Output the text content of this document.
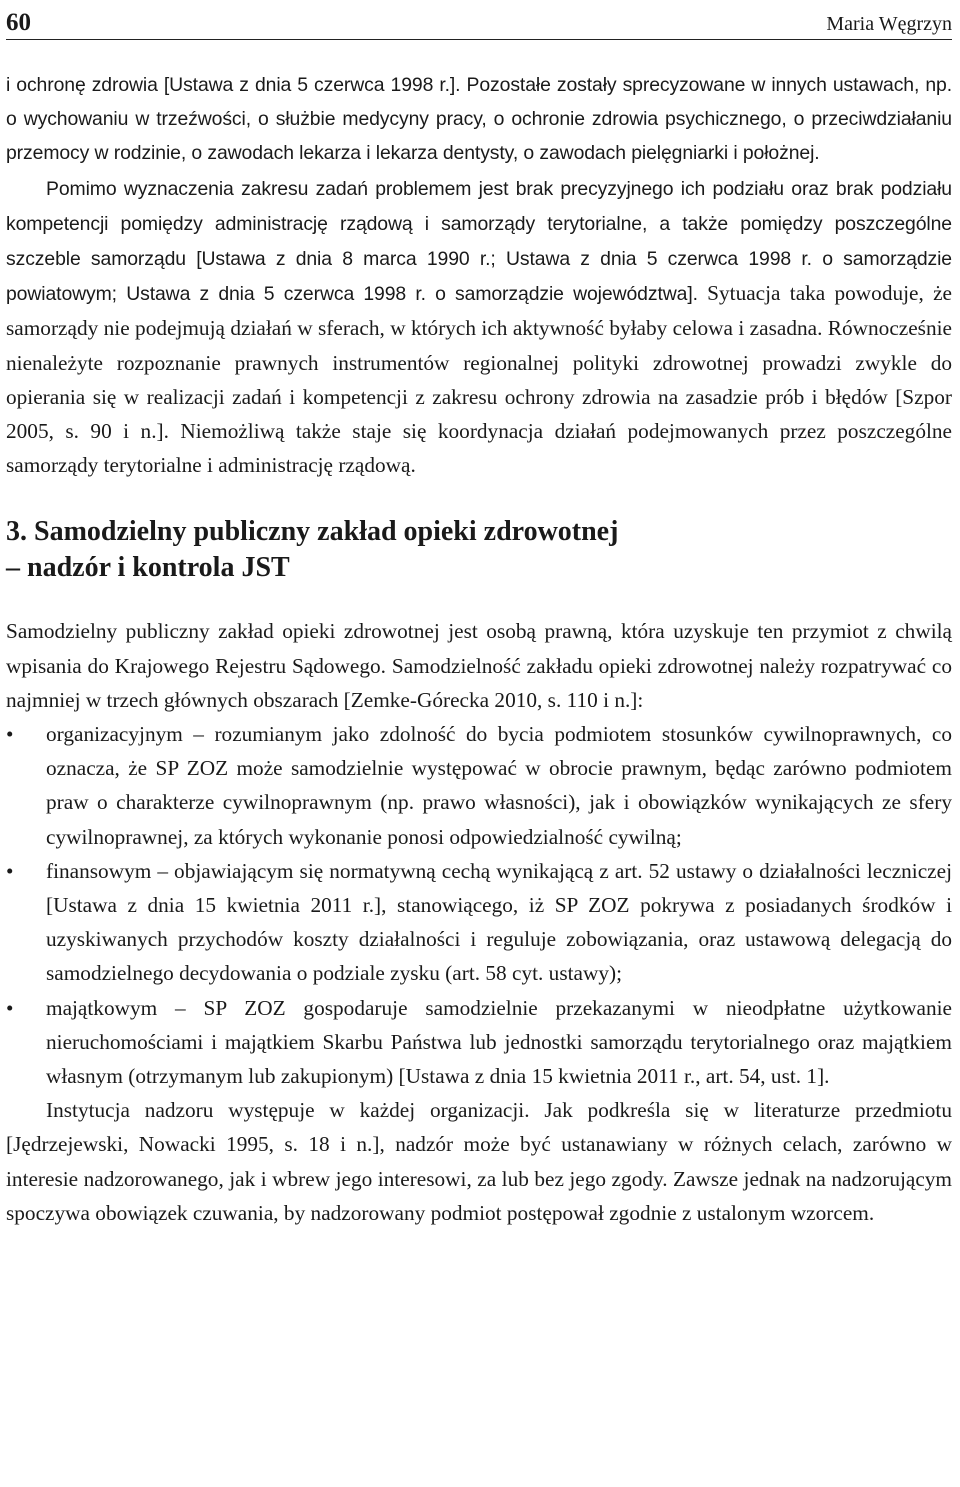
60	Maria Węgrzyn

i ochronę zdrowia [Ustawa z dnia 5 czerwca 1998 r.]. Pozostałe zostały sprecyzowane w innych ustawach, np. o wychowaniu w trzeźwości, o służbie medycyny pracy, o ochronie zdrowia psychicznego, o przeciwdziałaniu przemocy w rodzinie, o zawodach lekarza i lekarza dentysty, o zawodach pielęgniarki i położnej.

Pomimo wyznaczenia zakresu zadań problemem jest brak precyzyjnego ich podziału oraz brak podziału kompetencji pomiędzy administrację rządową i samorządy terytorialne, a także pomiędzy poszczególne szczeble samorządu [Ustawa z dnia 8 marca 1990 r.; Ustawa z dnia 5 czerwca 1998 r. o samorządzie powiatowym; Ustawa z dnia 5 czerwca 1998 r. o samorządzie województwa]. Sytuacja taka powoduje, że samorządy nie podejmują działań w sferach, w których ich aktywność byłaby celowa i zasadna. Równocześnie nienależyte rozpoznanie prawnych instrumentów regionalnej polityki zdrowotnej prowadzi zwykle do opierania się w realizacji zadań i kompetencji z zakresu ochrony zdrowia na zasadzie prób i błędów [Szpor 2005, s. 90 i n.]. Niemożliwą także staje się koordynacja działań podejmowanych przez poszczególne samorządy terytorialne i administrację rządową.

3. Samodzielny publiczny zakład opieki zdrowotnej
– nadzór i kontrola JST

Samodzielny publiczny zakład opieki zdrowotnej jest osobą prawną, która uzyskuje ten przymiot z chwilą wpisania do Krajowego Rejestru Sądowego. Samodzielność zakładu opieki zdrowotnej należy rozpatrywać co najmniej w trzech głównych obszarach [Zemke-Górecka 2010, s. 110 i n.]:

• organizacyjnym – rozumianym jako zdolność do bycia podmiotem stosunków cywilnoprawnych, co oznacza, że SP ZOZ może samodzielnie występować w obrocie prawnym, będąc zarówno podmiotem praw o charakterze cywilnoprawnym (np. prawo własności), jak i obowiązków wynikających ze sfery cywilnoprawnej, za których wykonanie ponosi odpowiedzialność cywilną;
• finansowym – objawiającym się normatywną cechą wynikającą z art. 52 ustawy o działalności leczniczej [Ustawa z dnia 15 kwietnia 2011 r.], stanowiącego, iż SP ZOZ pokrywa z posiadanych środków i uzyskiwanych przychodów koszty działalności i reguluje zobowiązania, oraz ustawową delegacją do samodzielnego decydowania o podziale zysku (art. 58 cyt. ustawy);
• majątkowym – SP ZOZ gospodaruje samodzielnie przekazanymi w nieodpłatne użytkowanie nieruchomościami i majątkiem Skarbu Państwa lub jednostki samorządu terytorialnego oraz majątkiem własnym (otrzymanym lub zakupionym) [Ustawa z dnia 15 kwietnia 2011 r., art. 54, ust. 1].

Instytucja nadzoru występuje w każdej organizacji. Jak podkreśla się w literaturze przedmiotu [Jędrzejewski, Nowacki 1995, s. 18 i n.], nadzór może być ustanawiany w różnych celach, zarówno w interesie nadzorowanego, jak i wbrew jego interesowi, za lub bez jego zgody. Zawsze jednak na nadzorującym spoczywa obowiązek czuwania, by nadzorowany podmiot postępował zgodnie z ustalonym wzorcem.
